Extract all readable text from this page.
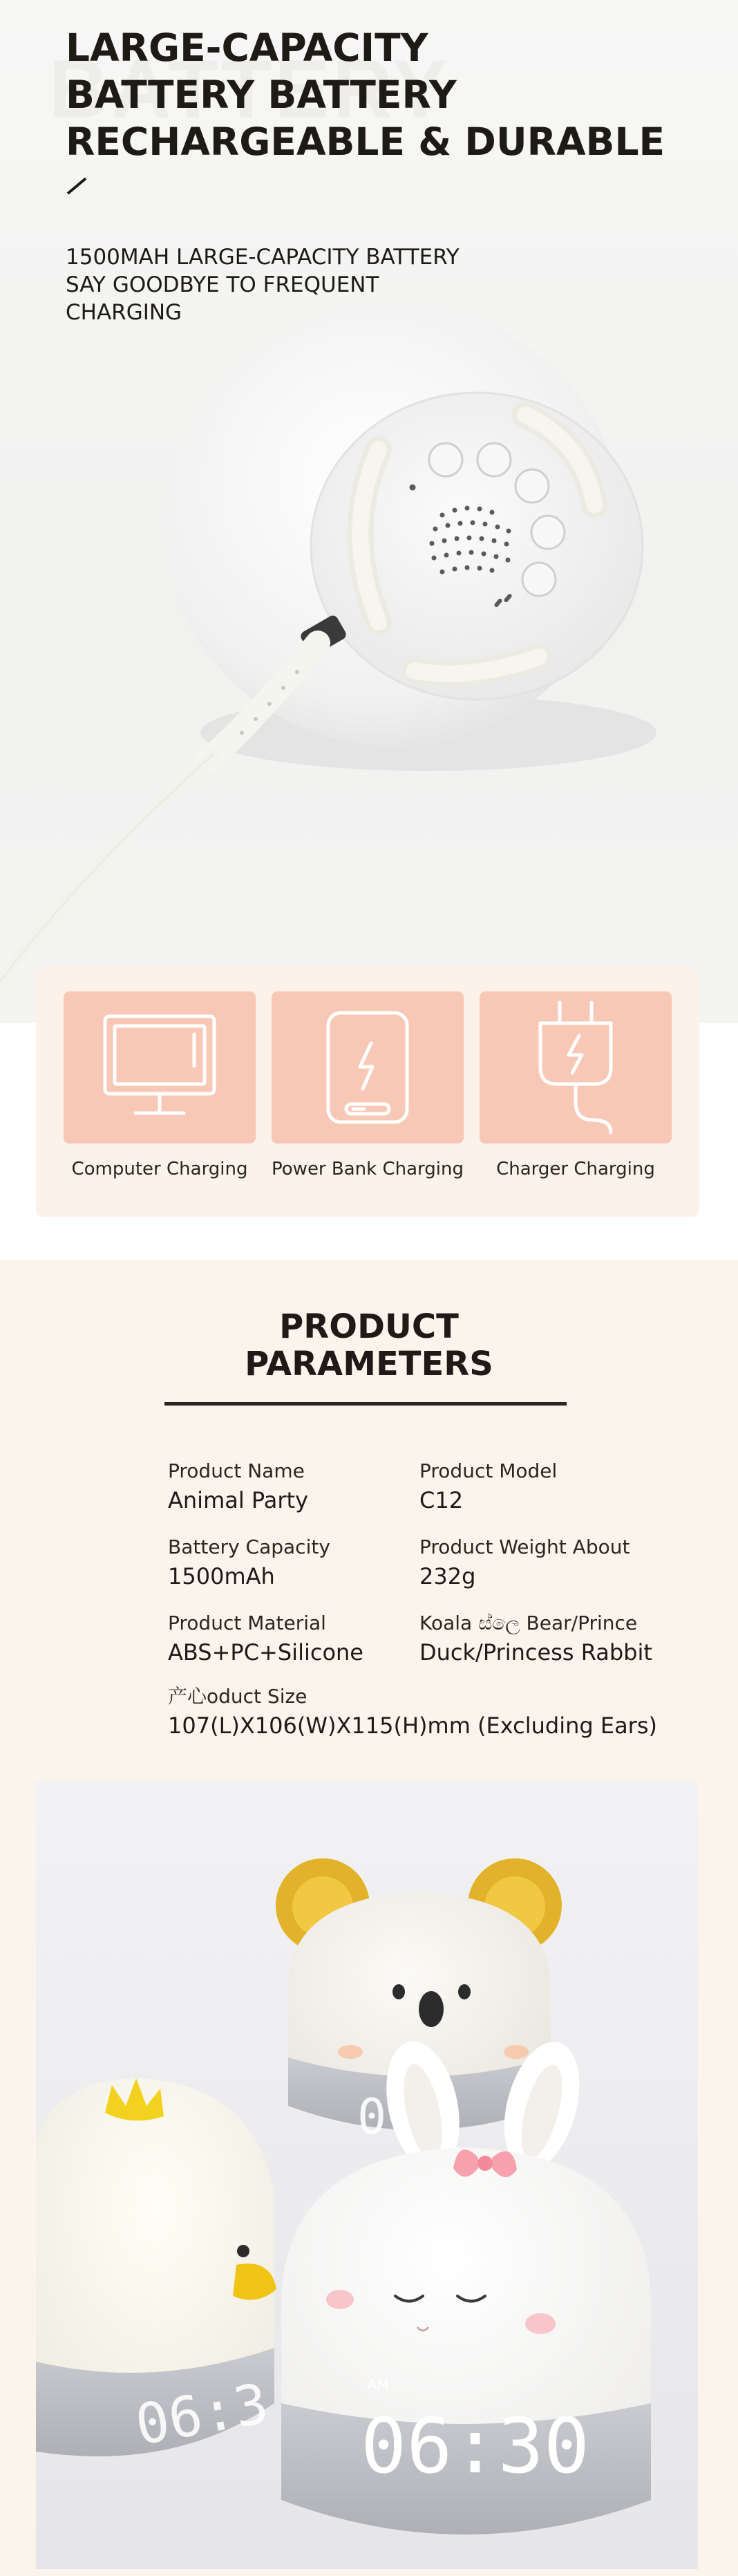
LARGE-CAPACITY
BATTERY BATTERY
RECHARGEABLE & DURABLE

1500MAH LARGE-CAPACITY BATTERY
SAY GOODBYE TO FREQUENT
CHARGING

Computer Charging	Power Bank Charging	Charger Charging
PRODUCT
PARAMETERS
Product Name
Animal Party
Product Model
C12
Battery Capacity
1500mAh
Product Weight About
232g
Product Material
ABS+PC+Silicone
Koala ස්ලෙ Bear/Prince
Duck/Princess Rabbit
产心oduct Size
107(L)X106(W)X115(H)mm (Excluding Ears)
0
06:3	AM
06:30
